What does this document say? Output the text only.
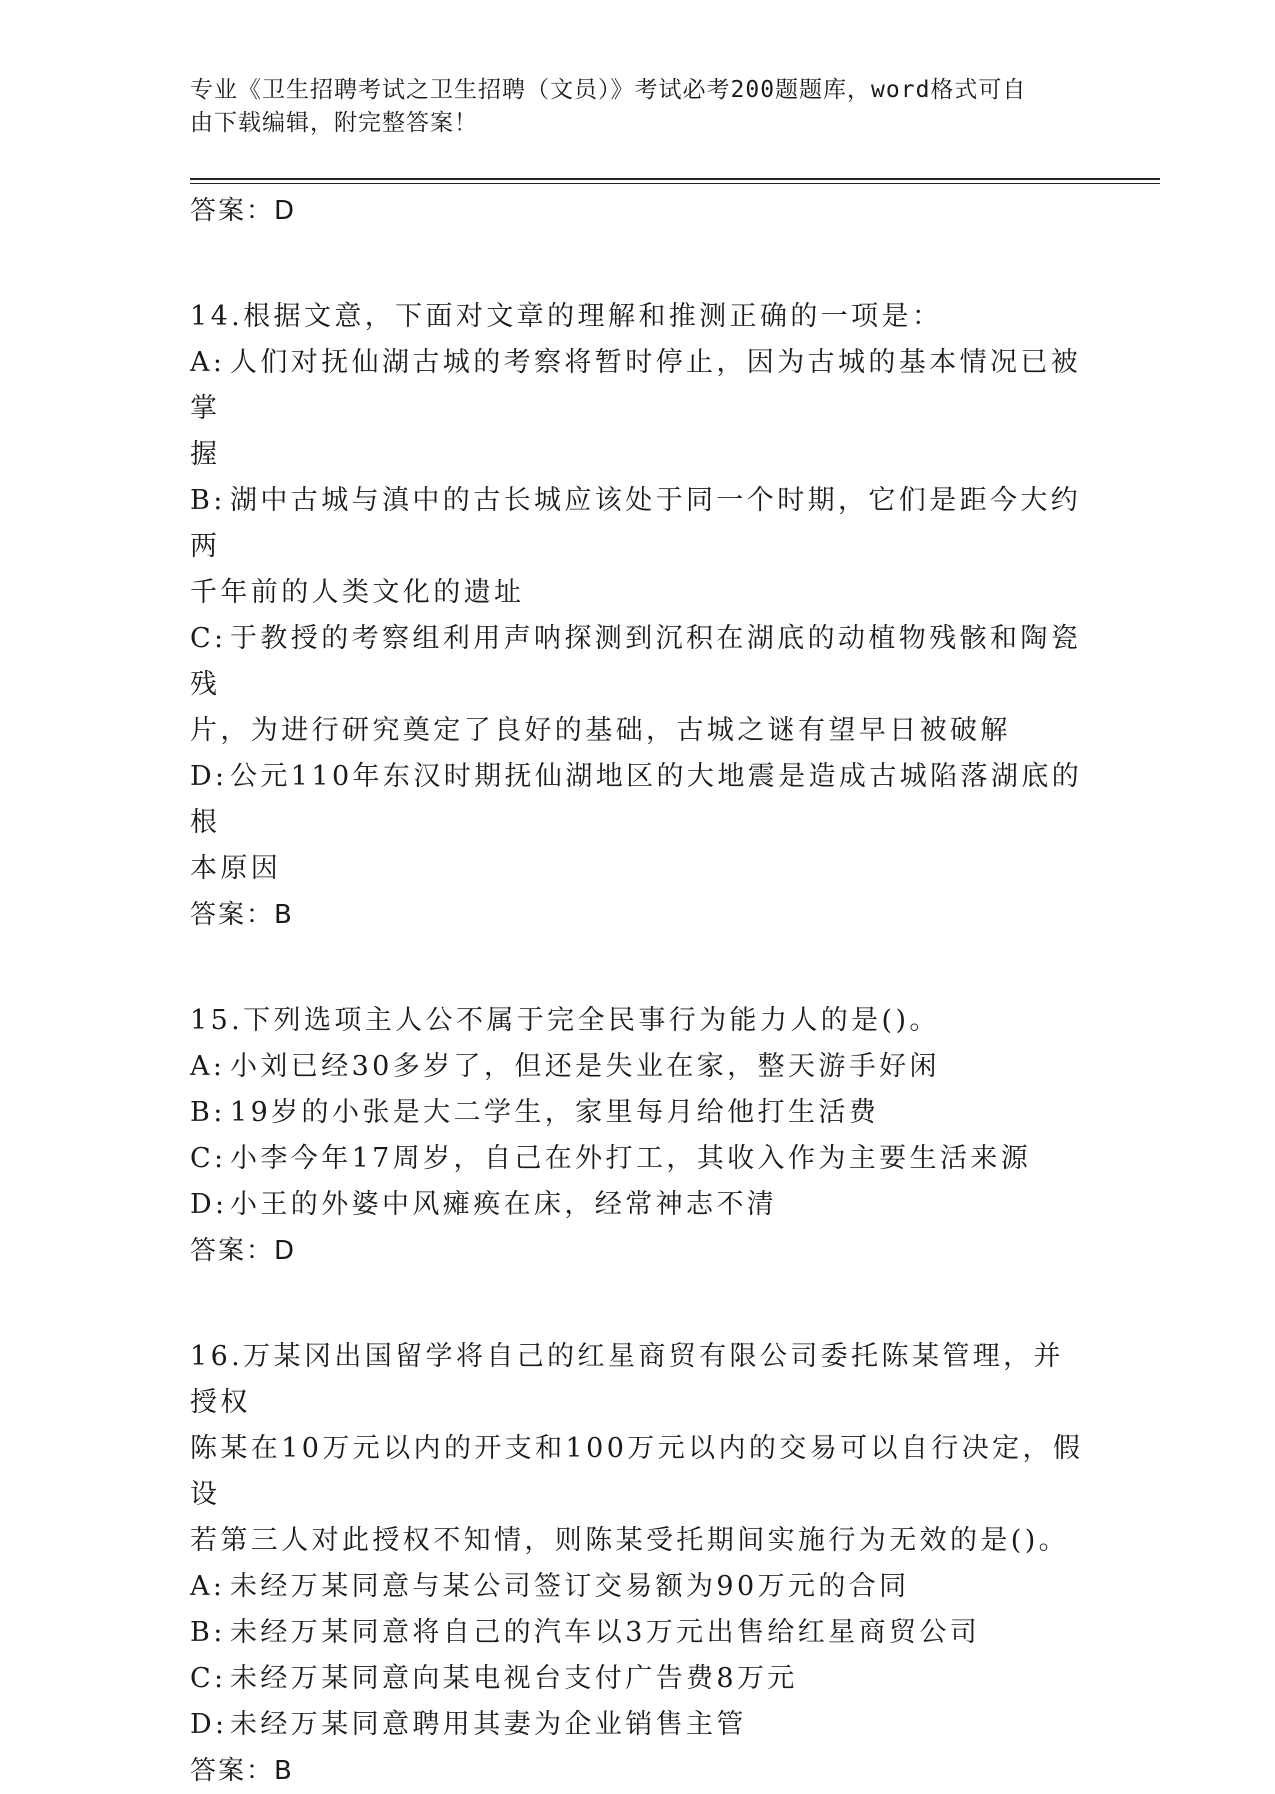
专业《卫生招聘考试之卫生招聘（文员）》考试必考200题题库，word格式可自
由下载编辑，附完整答案！

答案：D

14.根据文意，下面对文章的理解和推测正确的一项是：

A: 人们对抚仙湖古城的考察将暂时停止，因为古城的基本情况已被掌

握

B: 湖中古城与滇中的古长城应该处于同一个时期，它们是距今大约两

千年前的人类文化的遗址

C: 于教授的考察组利用声呐探测到沉积在湖底的动植物残骸和陶瓷残

片，为进行研究奠定了良好的基础，古城之谜有望早日被破解

D:公元110年东汉时期抚仙湖地区的大地震是造成古城陷落湖底的根

本原因

答案：B

15.下列选项主人公不属于完全民事行为能力人的是()。

A: 小刘已经30多岁了，但还是失业在家，整天游手好闲

B: 19岁的小张是大二学生，家里每月给他打生活费

C: 小李今年17周岁，自己在外打工，其收入作为主要生活来源

D:小王的外婆中风瘫痪在床，经常神志不清

答案：D

16.万某冈出国留学将自己的红星商贸有限公司委托陈某管理，并授权

陈某在10万元以内的开支和100万元以内的交易可以自行决定，假设

若第三人对此授权不知情，则陈某受托期间实施行为无效的是()。

A: 未经万某同意与某公司签订交易额为90万元的合同

B: 未经万某同意将自己的汽车以3万元出售给红星商贸公司

C: 未经万某同意向某电视台支付广告费8万元

D:未经万某同意聘用其妻为企业销售主管

答案：B
